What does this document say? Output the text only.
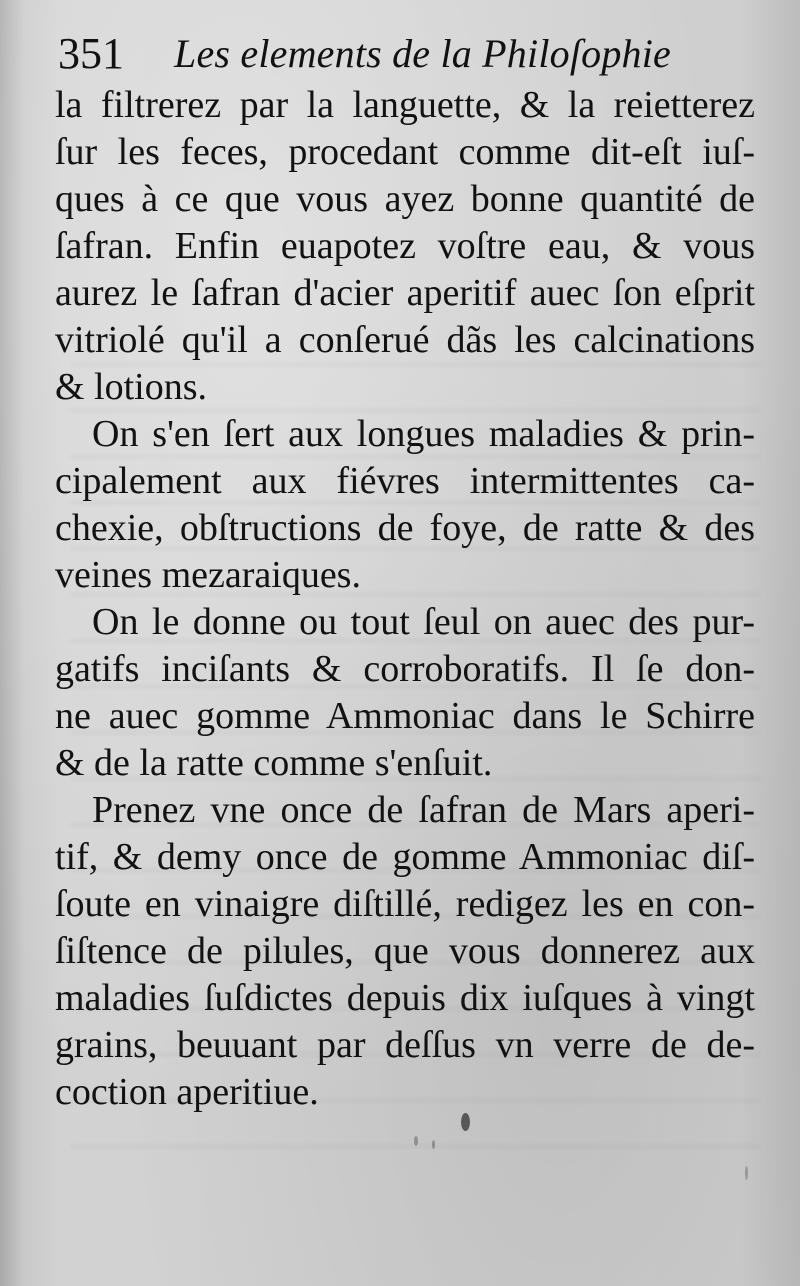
351 Les elements de la Philoſophie
la filtrerez par la languette, & la reietterez
ſur les feces, procedant comme dit-eſt iuſ-
ques à ce que vous ayez bonne quantité de
ſafran. Enfin euapotez voſtre eau, & vous
aurez le ſafran d'acier aperitif auec ſon eſprit
vitriolé qu'il a conſerué dãs les calcinations
& lotions.
On s'en ſert aux longues maladies & prin-
cipalement aux fiévres intermittentes ca-
chexie, obſtructions de foye, de ratte & des
veines mezaraiques.
On le donne ou tout ſeul on auec des pur-
gatifs inciſants & corroboratifs. Il ſe don-
ne auec gomme Ammoniac dans le Schirre
& de la ratte comme s'enſuit.
Prenez vne once de ſafran de Mars aperi-
tif, & demy once de gomme Ammoniac diſ-
ſoute en vinaigre diſtillé, redigez les en con-
ſiſtence de pilules, que vous donnerez aux
maladies ſuſdictes depuis dix iuſques à vingt
grains, beuuant par deſſus vn verre de de-
coction aperitiue.
